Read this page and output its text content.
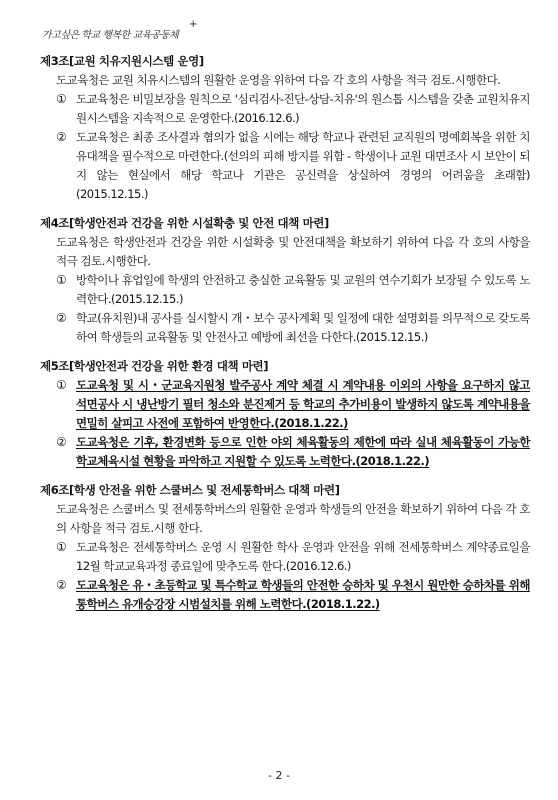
가고싶은 학교 행복한 교육공동체
+

제3조[교원 치유지원시스템 운영]

도교육청은 교원 치유시스템의 원활한 운영을 위하여 다음 각 호의 사항을 적극 검토․시행한다.

① 도교육청은 비밀보장을 원칙으로 '심리검사-진단-상담-치유'의 원스톱 시스템을 갖춘 교원치유지원시스템을 지속적으로 운영한다.(2016.12.6.)
② 도교육청은 최종 조사결과 혐의가 없을 시에는 해당 학교나 관련된 교직원의 명예회복을 위한 치유대책을 필수적으로 마련한다.(선의의 피해 방지를 위함 - 학생이나 교원 대면조사 시 보안이 되지 않는 현실에서 해당 학교나 기관은 공신력을 상실하여 경영의 어려움을 초래함)(2015.12.15.)

제4조[학생안전과 건강을 위한 시설확충 및 안전 대책 마련]

도교육청은 학생안전과 건강을 위한 시설확충 및 안전대책을 확보하기 위하여 다음 각 호의 사항을 적극 검토․시행한다.

① 방학이나 휴업일에 학생의 안전하고 충실한 교육활동 및 교원의 연수기회가 보장될 수 있도록 노력한다.(2015.12.15.)
② 학교(유치원)내 공사를 실시할시 개・보수 공사계획 및 일정에 대한 설명회를 의무적으로 갖도록 하여 학생들의 교육활동 및 안전사고 예방에 최선을 다한다.(2015.12.15.)

제5조[학생안전과 건강을 위한 환경 대책 마련]

① 도교육청 및 시・군교육지원청 발주공사 계약 체결 시 계약내용 이외의 사항을 요구하지 않고 석면공사 시 냉난방기 필터 청소와 분진제거 등 학교의 추가비용이 발생하지 않도록 계약내용을 면밀히 살피고 사전에 포함하여 반영한다.(2018.1.22.)
② 도교육청은 기후, 환경변화 등으로 인한 야외 체육활동의 제한에 따라 실내 체육활동이 가능한 학교체육시설 현황을 파악하고 지원할 수 있도록 노력한다.(2018.1.22.)

제6조[학생 안전을 위한 스쿨버스 및 전세통학버스 대책 마련]

도교육청은 스쿨버스 및 전세통학버스의 원활한 운영과 학생들의 안전을 확보하기 위하여 다음 각 호의 사항을 적극 검토․시행 한다.

① 도교육청은 전세통학버스 운영 시 원활한 학사 운영과 안전을 위해 전세통학버스 계약종료일을 12월 학교교육과정 종료일에 맞추도록 한다.(2016.12.6.)
② 도교육청은 유・초등학교 및 특수학교 학생들의 안전한 승하차 및 우천시 원만한 승하차를 위해 통학버스 유개승강장 시범설치를 위해 노력한다.(2018.1.22.)
- 2 -
